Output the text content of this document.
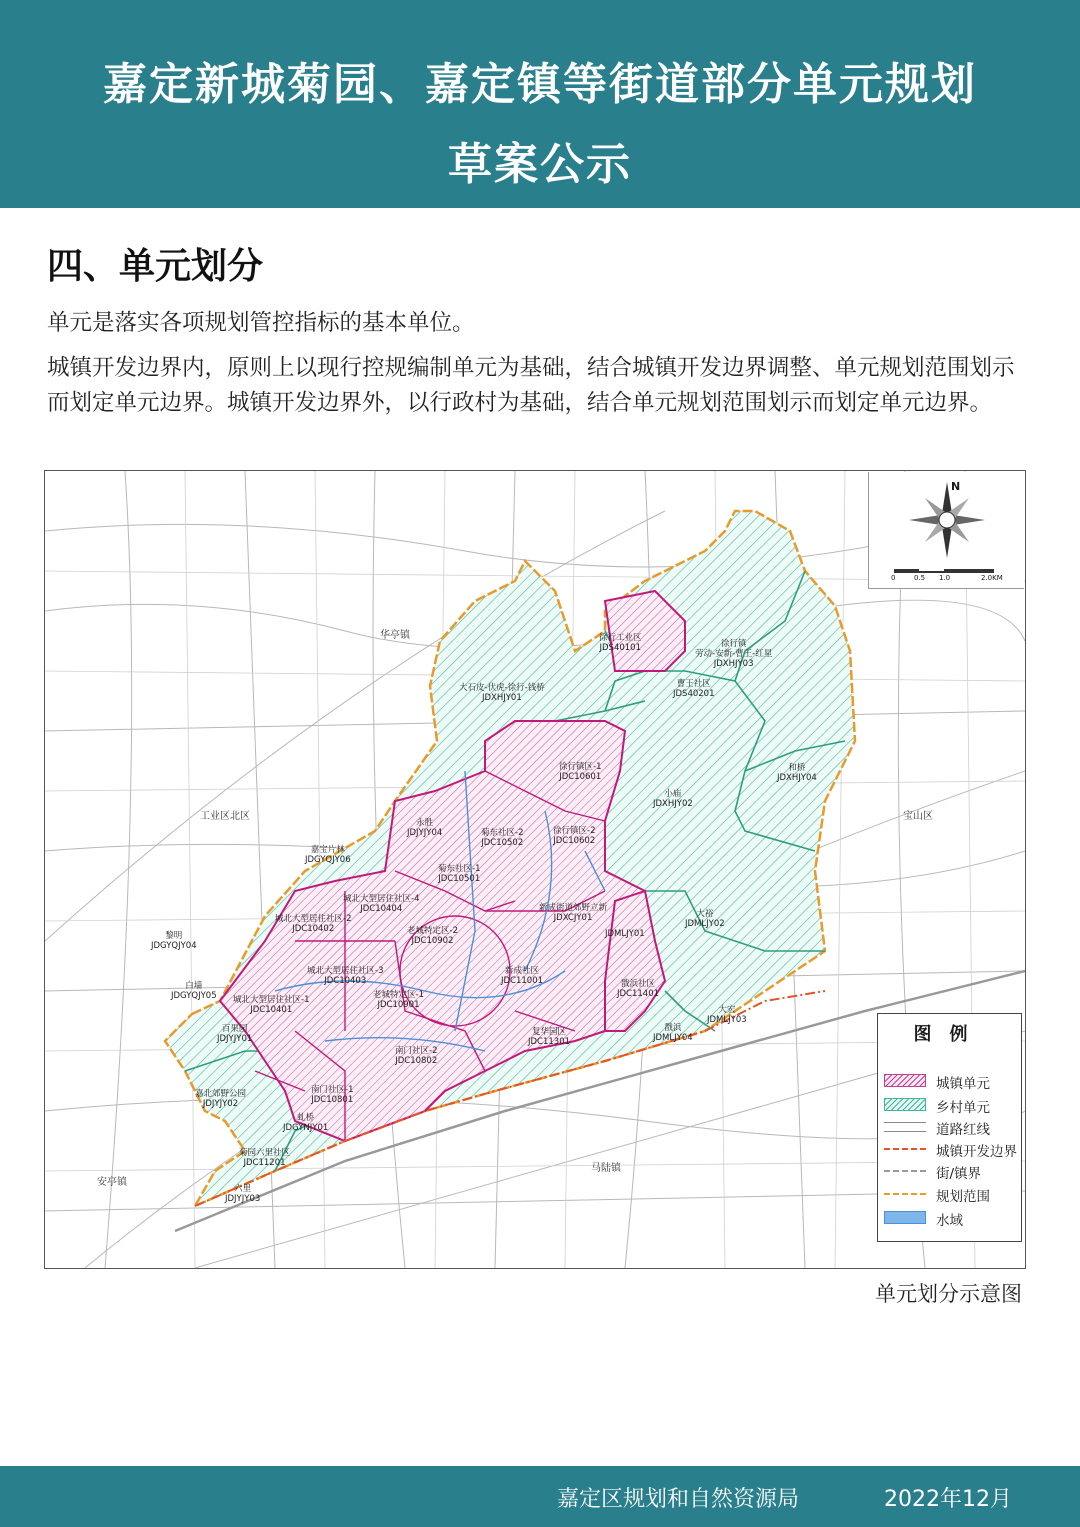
嘉定新城菊园、嘉定镇等街道部分单元规划
草案公示
四、单元划分
单元是落实各项规划管控指标的基本单位。
城镇开发边界内，原则上以现行控规编制单元为基础，结合城镇开发边界调整、单元规划范围划示而划定单元边界。城镇开发边界外，以行政村为基础，结合单元规划范围划示而划定单元边界。
华亭镇
工业区北区	宝山区
安亭镇
马陆镇
大石皮-伏虎-徐行-钱桥
JDXHJY01
徐行工业区
JDS40101	徐行镇
劳动-安新-曹王-红星
JDXHJY03
曹王社区
JDS40201
和桥
JDXHJY04
小庙
JDXHJY02
徐行镇区-1
JDC10601
徐行镇区-2
JDC10602
菊东社区-2
JDC10502
永胜
JDJYJY04
嘉宝片林
JDGYQJY06
菊东社区-1
JDC10501
城北大型居住社区-4
JDC10404
城北大型居住社区-2
JDC10402	老城特定区-2
JDC10902
新成街道郊野立新
JDXCJY01

JDMLJY01
大裕
JDMLJY02
黎明
JDGYQJY04
城北大型居住社区-3
JDC10403
新成社区
JDC11001
白墙
JDGYQJY05 城北大型居住社区-1
JDC10401
老城特定区-1
JDC10901
戬浜社区
JDC11401
大宏
JDMLJY03
百果园
JDJYJY01
复华园区
JDC11301
戬浜
JDMLJY04
南门社区-2
JDC10802
嘉北郊野公园
JDJYJY02
南门社区-1
JDC10801
虬桥
JDGYNJY01
菊园六里社区
JDC11201
六里
JDJYJY03
N
0	0.5 1.0	2.0KM
图例
城镇单元
乡村单元
道路红线
城镇开发边界
街/镇界
规划范围
水域
单元划分示意图
嘉定区规划和自然资源局	2022年12月
